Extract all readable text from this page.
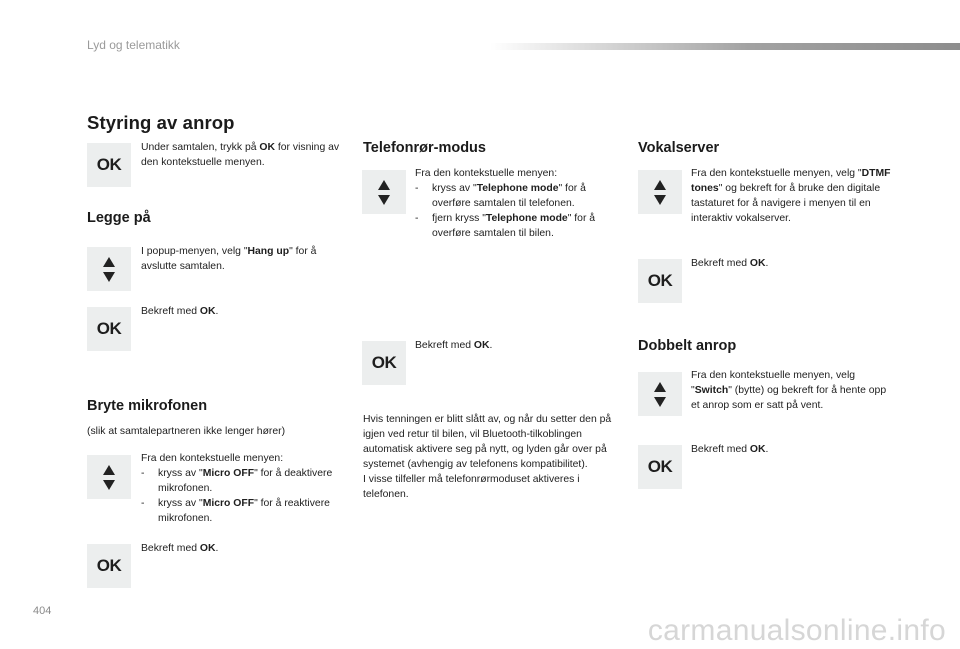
Lyd og telematikk
Styring av anrop
OK
Under samtalen, trykk på OK for visning av den kontekstuelle menyen.
Legge på
I popup-menyen, velg "Hang up" for å avslutte samtalen.
OK
Bekreft med OK.
Bryte mikrofonen
(slik at samtalepartneren ikke lenger hører)
Fra den kontekstuelle menyen:
- kryss av "Micro OFF" for å deaktivere mikrofonen.
- kryss av "Micro OFF" for å reaktivere mikrofonen.
OK
Bekreft med OK.
Telefonrør-modus
Fra den kontekstuelle menyen:
- kryss av "Telephone mode" for å overføre samtalen til telefonen.
- fjern kryss "Telephone mode" for å overføre samtalen til bilen.
OK
Bekreft med OK.
Hvis tenningen er blitt slått av, og når du setter den på igjen ved retur til bilen, vil Bluetooth-tilkoblingen automatisk aktivere seg på nytt, og lyden går over på systemet (avhengig av telefonens kompatibilitet).
I visse tilfeller må telefonrørmoduset aktiveres i telefonen.
Vokalserver
Fra den kontekstuelle menyen, velg "DTMF tones" og bekreft for å bruke den digitale tastaturet for å navigere i menyen til en interaktiv vokalserver.
OK
Bekreft med OK.
Dobbelt anrop
Fra den kontekstuelle menyen, velg "Switch" (bytte) og bekreft for å hente opp et anrop som er satt på vent.
OK
Bekreft med OK.
404
carmanualsonline.info
